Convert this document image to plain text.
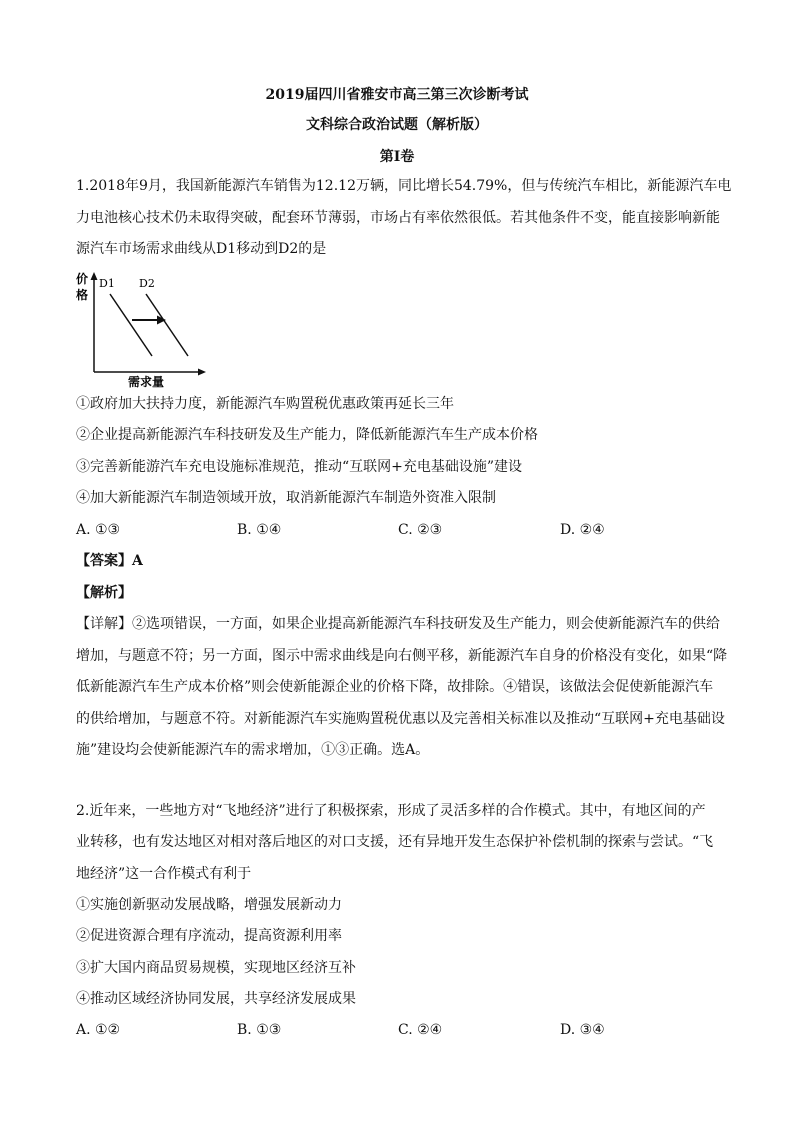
2019届四川省雅安市高三第三次诊断考试
文科综合政治试题（解析版）
第Ⅰ卷
1.2018年9月，我国新能源汽车销售为12.12万辆，同比增长54.79%，但与传统汽车相比，新能源汽车电
力电池核心技术仍未取得突破，配套环节薄弱，市场占有率依然很低。若其他条件不变，能直接影响新能
源汽车市场需求曲线从D1移动到D2的是
价
格
需求量
D1 D2
①政府加大扶持力度，新能源汽车购置税优惠政策再延长三年
②企业提高新能源汽车科技研发及生产能力，降低新能源汽车生产成本价格
③完善新能游汽车充电设施标准规范，推动“互联网+充电基础设施”建设
④加大新能源汽车制造领域开放，取消新能源汽车制造外资准入限制
A. ①③	B. ①④	C. ②③	D. ②④
【答案】A
【解析】
【详解】②选项错误，一方面，如果企业提高新能源汽车科技研发及生产能力，则会使新能源汽车的供给
增加，与题意不符；另一方面，图示中需求曲线是向右侧平移，新能源汽车自身的价格没有变化，如果“降
低新能源汽车生产成本价格”则会使新能源企业的价格下降，故排除。④错误，该做法会促使新能源汽车
的供给增加，与题意不符。对新能源汽车实施购置税优惠以及完善相关标准以及推动“互联网+充电基础设
施”建设均会使新能源汽车的需求增加，①③正确。选A。
2.近年来，一些地方对“飞地经济”进行了积极探索，形成了灵活多样的合作模式。其中，有地区间的产
业转移，也有发达地区对相对落后地区的对口支援，还有异地开发生态保护补偿机制的探索与尝试。“飞
地经济”这一合作模式有利于
①实施创新驱动发展战略，增强发展新动力
②促进资源合理有序流动，提高资源利用率
③扩大国内商品贸易规模，实现地区经济互补
④推动区域经济协同发展，共享经济发展成果
A. ①②	B. ①③	C. ②④	D. ③④
